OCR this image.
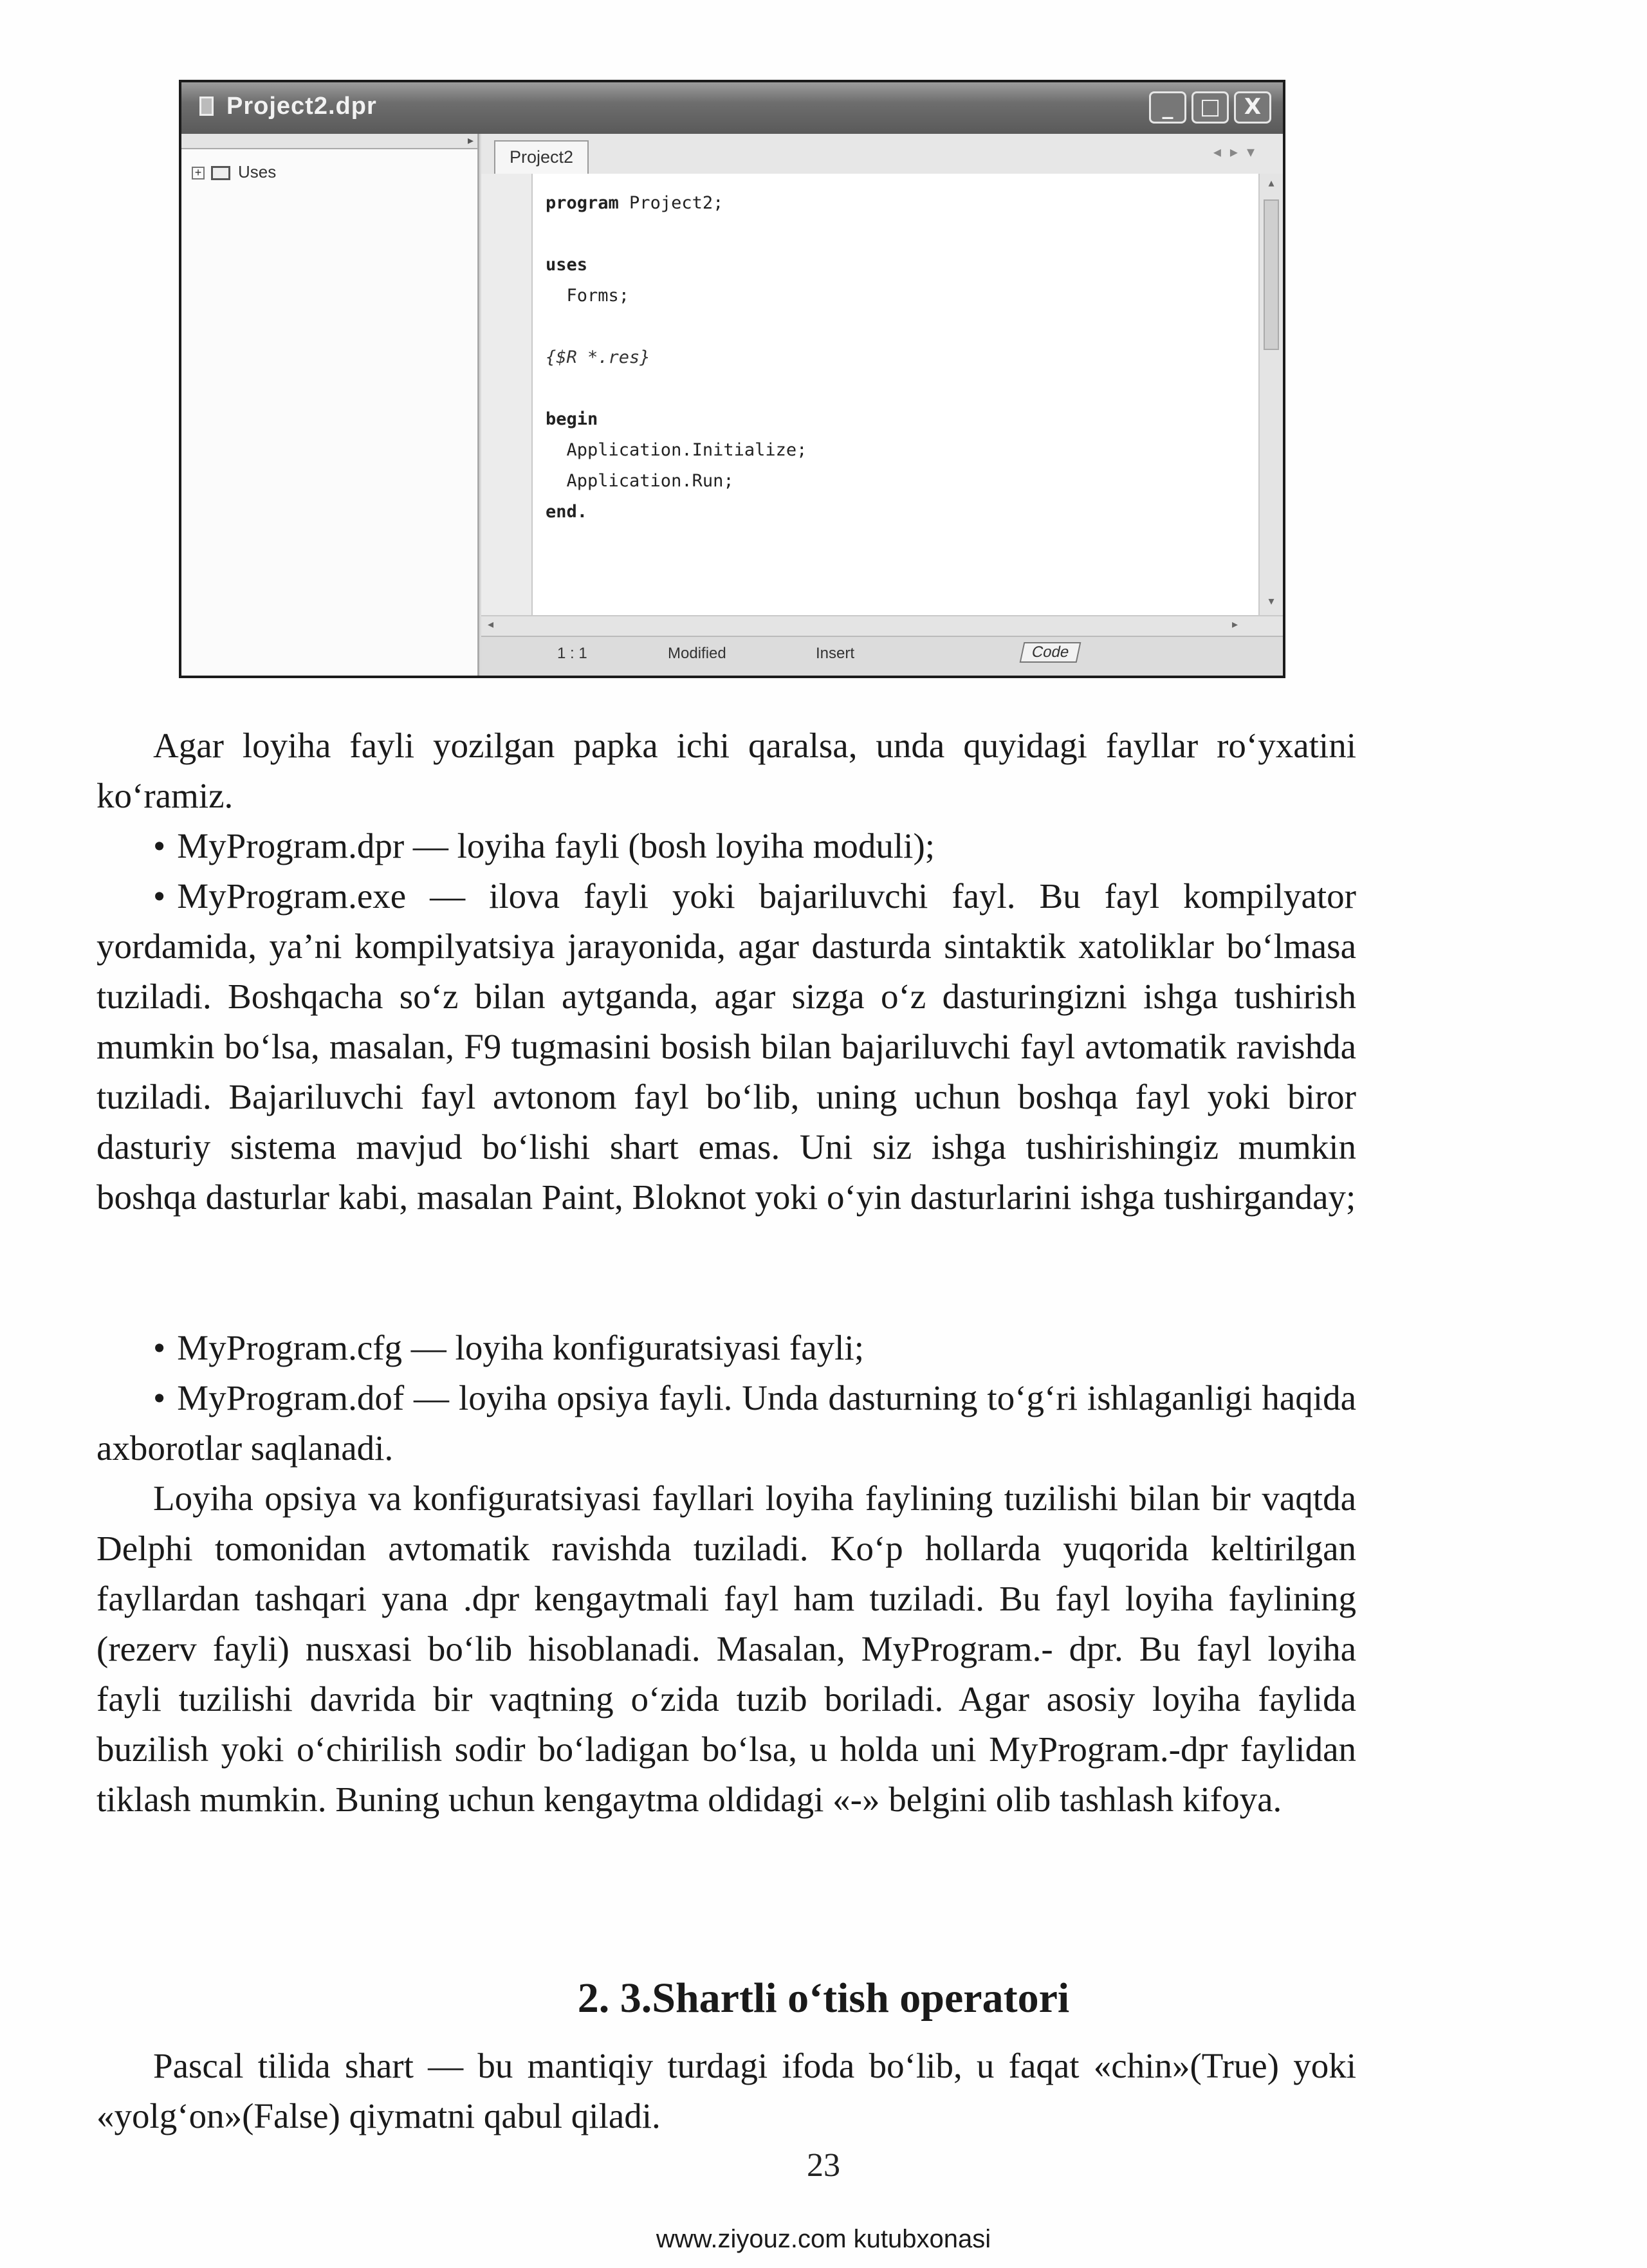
Project2.dpr	_	□	X
▸
+ Uses
Project2	◂▸▾
program Project2;

uses
Forms;

{$R *.res}

begin
Application.Initialize;
Application.Run;
end.
▴
▾
◂	▸
1 : 1	Modified	Insert	Code
Agar loyiha fayli yozilgan papka ichi qaralsa, unda quyidagi fayllar ro‘yxatini ko‘ramiz.
• MyProgram.dpr — loyiha fayli (bosh loyiha moduli);
• MyProgram.exe — ilova fayli yoki bajariluvchi fayl. Bu fayl kompilyator yordamida, ya’ni kompilyatsiya jarayonida, agar dasturda sintaktik xatoliklar bo‘lmasa tuziladi. Boshqacha so‘z bilan aytganda, agar sizga o‘z dasturingizni ishga tushirish mumkin bo‘lsa, masalan, F9 tugmasini bosish bilan bajariluvchi fayl avtomatik ravishda tuziladi. Bajariluvchi fayl avtonom fayl bo‘lib, uning uchun boshqa fayl yoki biror dasturiy sistema mavjud bo‘lishi shart emas. Uni siz ishga tushirishingiz mumkin boshqa dasturlar kabi, masalan Paint, Bloknot yoki o‘yin dasturlarini ishga tushirganday;
• MyProgram.cfg — loyiha konfiguratsiyasi fayli;
• MyProgram.dof — loyiha opsiya fayli. Unda dasturning to‘g‘ri ishlaganligi haqida axborotlar saqlanadi.
Loyiha opsiya va konfiguratsiyasi fayllari loyiha faylining tuzilishi bilan bir vaqtda Delphi tomonidan avtomatik ravishda tuziladi. Ko‘p hollarda yuqorida keltirilgan fayllardan tashqari yana .dpr kengaytmali fayl ham tuziladi. Bu fayl loyiha faylining (rezerv fayli) nusxasi bo‘lib hisoblanadi. Masalan, MyProgram.- dpr. Bu fayl loyiha fayli tuzilishi davrida bir vaqtning o‘zida tuzib boriladi. Agar asosiy loyiha faylida buzilish yoki o‘chirilish sodir bo‘ladigan bo‘lsa, u holda uni MyProgram.-dpr faylidan tiklash mumkin. Buning uchun kengaytma oldidagi «-» belgini olib tashlash kifoya.
2. 3.Shartli o‘tish operatori
Pascal tilida shart — bu mantiqiy turdagi ifoda bo‘lib, u faqat «chin»(True) yoki «yolg‘on»(False) qiymatni qabul qiladi.
23
www.ziyouz.com kutubxonasi
